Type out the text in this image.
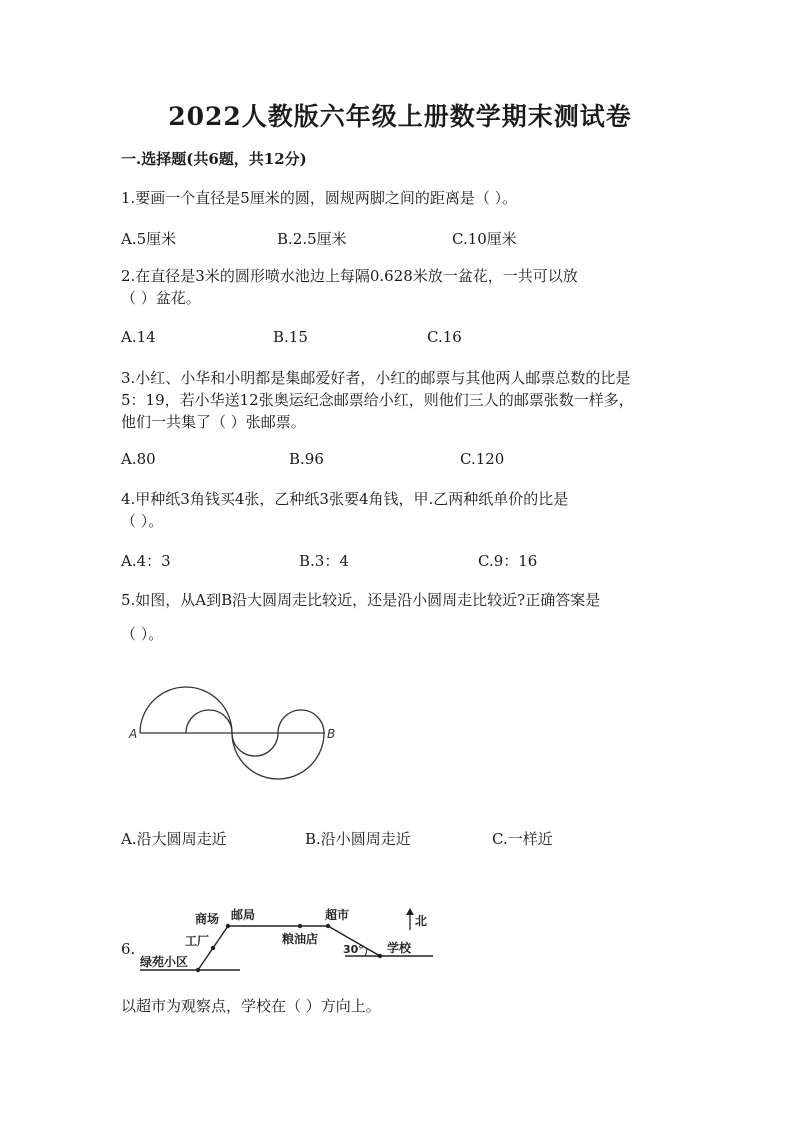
2022人教版六年级上册数学期末测试卷
一.选择题(共6题，共12分)
1.要画一个直径是5厘米的圆，圆规两脚之间的距离是（ ）。
A.5厘米	B.2.5厘米	C.10厘米
2.在直径是3米的圆形喷水池边上每隔0.628米放一盆花，一共可以放
（ ）盆花。
A.14	B.15	C.16
3.小红、小华和小明都是集邮爱好者，小红的邮票与其他两人邮票总数的比是
5：19，若小华送12张奥运纪念邮票给小红，则他们三人的邮票张数一样多，
他们一共集了（ ）张邮票。
A.80	B.96	C.120
4.甲种纸3角钱买4张，乙种纸3张要4角钱，甲.乙两种纸单价的比是
（ ）。
A.4：3	B.3：4	C.9：16
5.如图，从A到B沿大圆周走比较近，还是沿小圆周走比较近?正确答案是
（ ）。
A	B
A.沿大圆周走近	B.沿小圆周走近	C.一样近
6.
商场 邮局	超市
工厂	粮油店
绿苑小区
学校
北
30°
以超市为观察点，学校在（ ）方向上。
